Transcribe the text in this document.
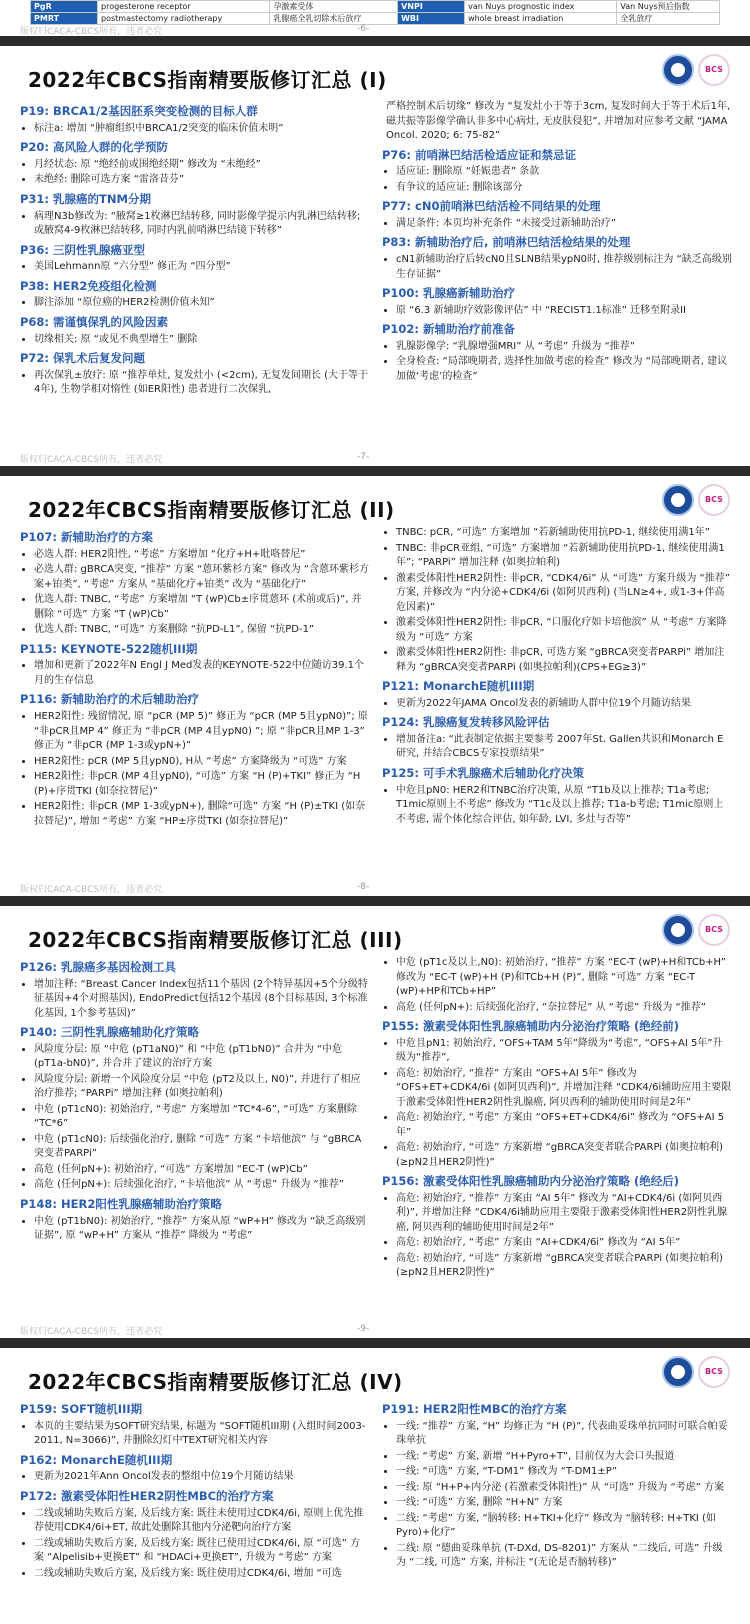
PgR	progesterone receptor	孕激素受体	VNPI	van Nuys prognostic index	Van Nuys预后指数
PMRT	postmastectomy radiotherapy	乳腺癌全乳切除术后放疗	WBI	whole breast irradiation	全乳放疗
版权归CACA-CBCS所有，违者必究	-6-
2022年CBCS指南精要版修订汇总 (I)	BCS
P19: BRCA1/2基因胚系突变检测的目标人群
• 标注a: 增加 “肿瘤组织中BRCA1/2突变的临床价值未明”
P20: 高风险人群的化学预防
• 月经状态: 原 “绝经前或围绝经期” 修改为 “未绝经”
• 未绝经: 删除可选方案 “雷洛昔芬”
P31: 乳腺癌的TNM分期
• 病理N3b修改为: “腋窝≥1枚淋巴结转移, 同时影像学提示内乳淋巴结转移; 或腋窝4-9枚淋巴结转移, 同时内乳前哨淋巴结镜下转移”
P36: 三阴性乳腺癌亚型
• 美国Lehmann原 “六分型” 修正为 “四分型”
P38: HER2免疫组化检测
• 脚注添加 “原位癌的HER2检测价值未知”
P68: 需谨慎保乳的风险因素
• 切缘相关: 原 “或见不典型增生” 删除
P72: 保乳术后复发问题
• 再次保乳±放疗: 原 “推荐单灶, 复发灶小 (<2cm), 无复发间期长 (大于等于4年), 生物学相对惰性 (如ER阳性) 患者进行二次保乳,

严格控制术后切缘” 修改为 “复发灶小于等于3cm, 复发时间大于等于术后1年, 磁共振等影像学确认非多中心病灶, 无皮肤侵犯”, 并增加对应参考文献 “JAMA Oncol. 2020; 6: 75-82”

P76: 前哨淋巴结活检适应证和禁忌证
• 适应证: 删除原 “妊娠患者” 条款
• 有争议的适应证: 删除该部分
P77: cN0前哨淋巴结活检不同结果的处理
• 满足条件: 本页均补充条件 “未接受过新辅助治疗”
P83: 新辅助治疗后, 前哨淋巴结活检结果的处理
• cN1新辅助治疗后转cN0且SLNB结果ypN0时, 推荐级别标注为 “缺乏高级别生存证据”
P100: 乳腺癌新辅助治疗
• 原 “6.3 新辅助疗效影像评估” 中 “RECIST1.1标准” 迁移至附录II
P102: 新辅助治疗前准备
• 乳腺影像学: “乳腺增强MRI” 从 “考虑” 升级为 “推荐”
• 全身检查: “局部晚期者, 选择性加做考虑的检查” 修改为 “局部晚期者, 建议加做‘考虑’的检查”
版权归CACA-CBCS所有，违者必究	-7-
2022年CBCS指南精要版修订汇总 (II)	BCS
P107: 新辅助治疗的方案
• 必选人群: HER2阳性, “考虑” 方案增加 “化疗+H+吡咯替尼”
• 必选人群: gBRCA突变, “推荐” 方案 “蒽环紫杉方案” 修改为 “含蒽环紫杉方案+铂类”, “考虑” 方案从 “基础化疗+铂类” 改为 “基础化疗”
• 优选人群: TNBC, “考虑” 方案增加 “T (wP)Cb±序贯蒽环 (术前或后)”, 并删除 “可选” 方案 “T (wP)Cb”
• 优选人群: TNBC, “可选” 方案删除 “抗PD-L1”, 保留 “抗PD-1”
P115: KEYNOTE-522随机III期
• 增加和更新了2022年N Engl J Med发表的KEYNOTE-522中位随访39.1个月的生存信息
P116: 新辅助治疗的术后辅助治疗
• HER2阳性: 残留情况, 原 “pCR (MP 5)” 修正为 “pCR (MP 5且ypN0)”; 原 “非pCR且MP 4” 修正为 “非pCR (MP 4且ypN0) ”; 原 “非pCR且MP 1-3” 修正为 “非pCR (MP 1-3或ypN+)”
• HER2阳性: pCR (MP 5且ypN0), H从 “考虑” 方案降级为 “可选” 方案
• HER2阳性: 非pCR (MP 4且ypN0), “可选” 方案 “H (P)+TKI” 修正为 “H (P)+序贯TKI (如奈拉替尼)”
• HER2阳性: 非pCR (MP 1-3或ypN+), 删除“可选” 方案 “H (P)±TKI (如奈拉替尼)”, 增加 “考虑” 方案 “HP±序贯TKI (如奈拉替尼)”
• TNBC: pCR, “可选” 方案增加 “若新辅助使用抗PD-1, 继续使用满1年”
• TNBC: 非pCR亚组, “可选” 方案增加 “若新辅助使用抗PD-1, 继续使用满1年”; “PARPi” 增加注释 (如奥拉帕利)
• 激素受体阳性HER2阴性: 非pCR, “CDK4/6i” 从 “可选” 方案升级为 “推荐” 方案, 并修改为 “内分泌+CDK4/6i (如阿贝西利) (当LN≥4+, 或1-3+伴高危因素)”
• 激素受体阳性HER2阴性: 非pCR, “口服化疗如卡培他滨” 从 “考虑” 方案降级为 “可选” 方案
• 激素受体阳性HER2阴性: 非pCR, 可选方案 “gBRCA突变者PARPi” 增加注释为 “gBRCA突变者PARPi (如奥拉帕利)(CPS+EG≥3)”
P121: MonarchE随机III期
• 更新为2022年JAMA Oncol发表的新辅助人群中位19个月随访结果
P124: 乳腺癌复发转移风险评估
• 增加备注a: “此表制定依据主要参考 2007年St. Gallen共识和Monarch E研究, 并结合CBCS专家投票结果”
P125: 可手术乳腺癌术后辅助化疗决策
• 中危且pN0: HER2和TNBC治疗决策, 从原 “T1b及以上推荐; T1a考虑; T1mic原则上不考虑” 修改为 “T1c及以上推荐; T1a-b考虑; T1mic原则上不考虑, 需个体化综合评估, 如年龄, LVI, 多灶与否等”
版权归CACA-CBCS所有，违者必究	-8-
2022年CBCS指南精要版修订汇总 (III)	BCS
P126: 乳腺癌多基因检测工具
• 增加注释: “Breast Cancer Index包括11个基因 (2个特异基因+5个分级特征基因+4个对照基因), EndoPredict包括12个基因 (8个目标基因, 3个标准化基因, 1个参考基因)”
P140: 三阴性乳腺癌辅助化疗策略
• 风险度分层: 原 “中危 (pT1aN0)” 和 “中危 (pT1bN0)” 合并为 “中危 (pT1a-bN0)”, 并合并了建议的治疗方案
• 风险度分层: 新增一个风险度分层 “中危 (pT2及以上, N0)”, 并进行了相应治疗推荐; “PARPi” 增加注释 (如奥拉帕利)
• 中危 (pT1cN0): 初始治疗, “考虑” 方案增加 “TC*4-6”, “可选” 方案删除 “TC*6”
• 中危 (pT1cN0): 后续强化治疗, 删除 “可选” 方案 “卡培他滨” 与 “gBRCA突变者PARPi”
• 高危 (任何pN+): 初始治疗, “可选” 方案增加 “EC-T (wP)Cb”
• 高危 (任何pN+): 后续强化治疗, “卡培他滨” 从 “考虑” 升级为 “推荐”
P148: HER2阳性乳腺癌辅助治疗策略
• 中危 (pT1bN0): 初始治疗, “推荐” 方案从原 “wP+H” 修改为 “缺乏高级别证据”, 原 “wP+H” 方案从 “推荐” 降级为 “考虑”
• 中危 (pT1c及以上,N0): 初始治疗, “推荐” 方案 “EC-T (wP)+H和TCb+H” 修改为 “EC-T (wP)+H (P)和TCb+H (P)”, 删除 “可选” 方案 “EC-T (wP)+HP和TCb+HP”
• 高危 (任何pN+): 后续强化治疗, “奈拉替尼” 从 “考虑” 升级为 “推荐”
P155: 激素受体阳性乳腺癌辅助内分泌治疗策略 (绝经前)
• 中危且pN1: 初始治疗, “OFS+TAM 5年”降级为“考虑”, “OFS+AI 5年”升级为“推荐”,
• 高危: 初始治疗, “推荐” 方案由 “OFS+AI 5年” 修改为 “OFS+ET+CDK4/6i (如阿贝西利)”, 并增加注释 “CDK4/6i辅助应用主要限于激素受体阳性HER2阴性乳腺癌, 阿贝西利的辅助使用时间是2年”
• 高危: 初始治疗, “考虑” 方案由 “OFS+ET+CDK4/6i” 修改为 “OFS+AI 5年”
• 高危: 初始治疗, “可选” 方案新增 “gBRCA突变者联合PARPi (如奥拉帕利)(≥pN2且HER2阴性)”
P156: 激素受体阳性乳腺癌辅助内分泌治疗策略 (绝经后)
• 高危: 初始治疗, “推荐” 方案由 “AI 5年” 修改为 “AI+CDK4/6i (如阿贝西利)”, 并增加注释 “CDK4/6i辅助应用主要限于激素受体阳性HER2阴性乳腺癌, 阿贝西利的辅助使用时间是2年”
• 高危: 初始治疗, “考虑” 方案由 “AI+CDK4/6i” 修改为 “AI 5年”
• 高危: 初始治疗, “可选” 方案新增 “gBRCA突变者联合PARPi (如奥拉帕利)(≥pN2且HER2阴性)”
版权归CACA-CBCS所有，违者必究	-9-
2022年CBCS指南精要版修订汇总 (IV)	BCS
P159: SOFT随机III期
• 本页的主要结果为SOFT研究结果, 标题为 “SOFT随机III期 (入组时间2003-2011, N=3066)”, 并删除幻灯中TEXT研究相关内容
P162: MonarchE随机III期
• 更新为2021年Ann Oncol发表的整组中位19个月随访结果
P172: 激素受体阳性HER2阴性MBC的治疗方案
• 二线或辅助失败后方案, 及后线方案: 既往未使用过CDK4/6i, 原则上优先推荐使用CDK4/6i+ET, 故此处删除其他内分泌靶向治疗方案
• 二线或辅助失败后方案, 及后线方案: 既往已使用过CDK4/6i, 原 “可选” 方案 “Alpelisib+更换ET” 和 “HDACi+更换ET”, 升级为 “考虑” 方案
• 二线或辅助失败后方案, 及后线方案: 既往使用过CDK4/6i, 增加 “可选
P191: HER2阳性MBC的治疗方案
• 一线: “推荐” 方案, “H” 均修正为 “H (P)”, 代表曲妥珠单抗同时可联合帕妥珠单抗
• 一线: “考虑” 方案, 新增 “H+Pyro+T”, 目前仅为大会口头报道
• 一线: “可选” 方案, “T-DM1” 修改为 “T-DM1±P”
• 一线: 原 “H+P+内分泌 (若激素受体阳性)” 从 “可选” 升级为 “考虑” 方案
• 一线: “可选” 方案, 删除 “H+N” 方案
• 二线: “考虑” 方案, “脑转移: H+TKI+化疗” 修改为 “脑转移: H+TKI (如Pyro)+化疗”
• 二线: 原 “德曲妥珠单抗 (T-DXd, DS-8201)” 方案从 “二线后, 可选” 升级为 “二线, 可选” 方案, 并标注 “(无论是否脑转移)”
